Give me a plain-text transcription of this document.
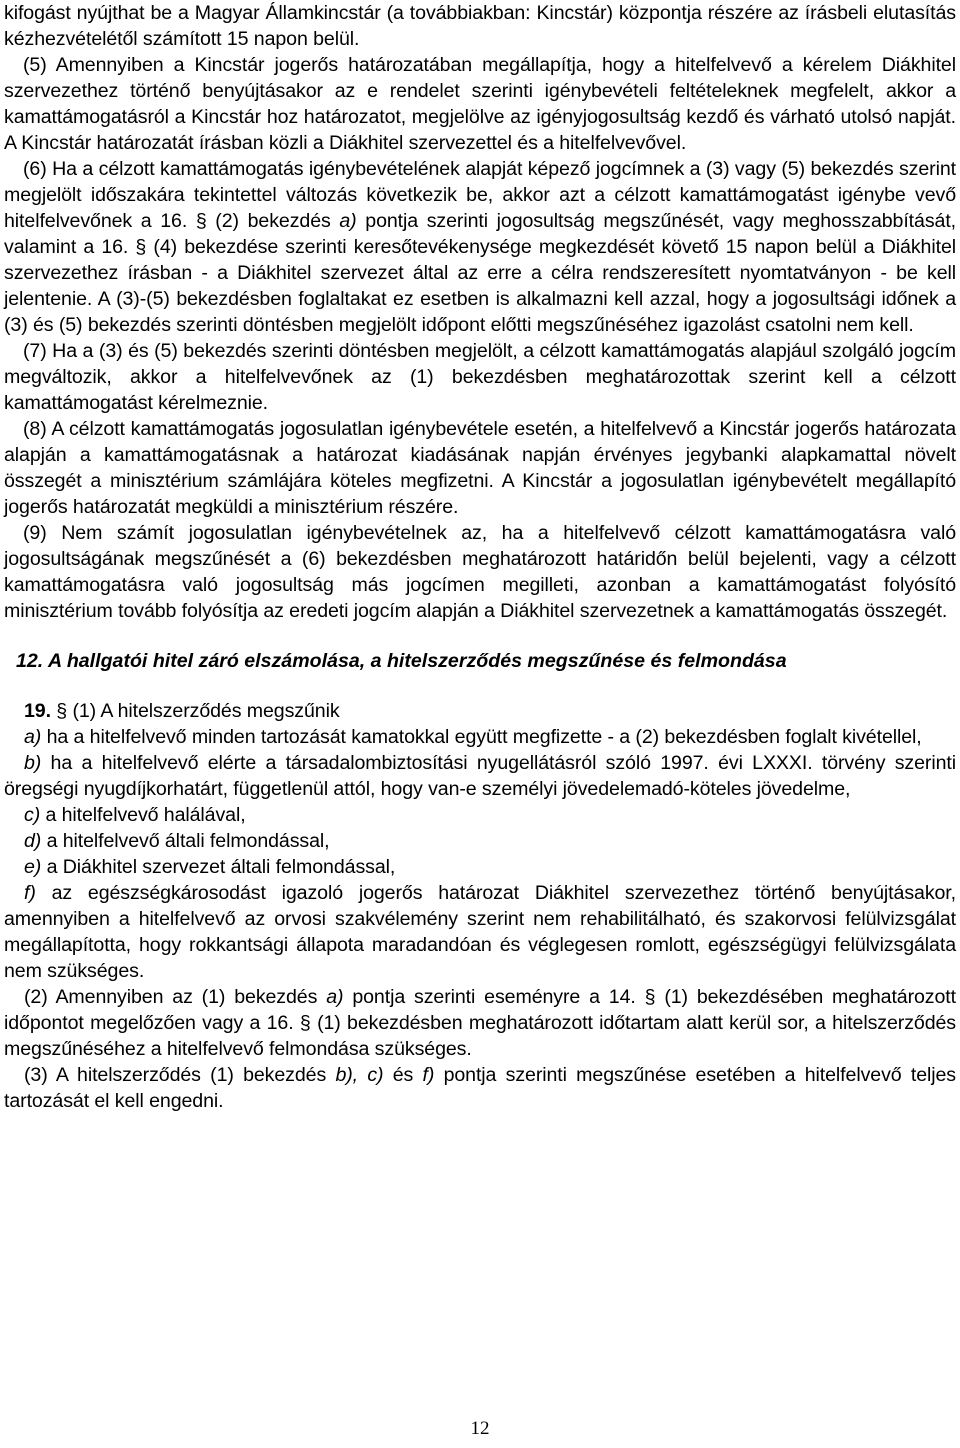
kifogást nyújthat be a Magyar Államkincstár (a továbbiakban: Kincstár) központja részére az írásbeli elutasítás kézhezvételétől számított 15 napon belül.

(5) Amennyiben a Kincstár jogerős határozatában megállapítja, hogy a hitelfelvevő a kérelem Diákhitel szervezethez történő benyújtásakor az e rendelet szerinti igénybevételi feltételeknek megfelelt, akkor a kamattámogatásról a Kincstár hoz határozatot, megjelölve az igényjogosultság kezdő és várható utolsó napját. A Kincstár határozatát írásban közli a Diákhitel szervezettel és a hitelfelvevővel.

(6) Ha a célzott kamattámogatás igénybevételének alapját képező jogcímnek a (3) vagy (5) bekezdés szerint megjelölt időszakára tekintettel változás következik be, akkor azt a célzott kamattámogatást igénybe vevő hitelfelvevőnek a 16. § (2) bekezdés a) pontja szerinti jogosultság megszűnését, vagy meghosszabbítását, valamint a 16. § (4) bekezdése szerinti keresőtevékenysége megkezdését követő 15 napon belül a Diákhitel szervezethez írásban - a Diákhitel szervezet által az erre a célra rendszeresített nyomtatványon - be kell jelentenie. A (3)-(5) bekezdésben foglaltakat ez esetben is alkalmazni kell azzal, hogy a jogosultsági időnek a (3) és (5) bekezdés szerinti döntésben megjelölt időpont előtti megszűnéséhez igazolást csatolni nem kell.

(7) Ha a (3) és (5) bekezdés szerinti döntésben megjelölt, a célzott kamattámogatás alapjául szolgáló jogcím megváltozik, akkor a hitelfelvevőnek az (1) bekezdésben meghatározottak szerint kell a célzott kamattámogatást kérelmeznie.

(8) A célzott kamattámogatás jogosulatlan igénybevétele esetén, a hitelfelvevő a Kincstár jogerős határozata alapján a kamattámogatásnak a határozat kiadásának napján érvényes jegybanki alapkamattal növelt összegét a minisztérium számlájára köteles megfizetni. A Kincstár a jogosulatlan igénybevételt megállapító jogerős határozatát megküldi a minisztérium részére.

(9) Nem számít jogosulatlan igénybevételnek az, ha a hitelfelvevő célzott kamattámogatásra való jogosultságának megszűnését a (6) bekezdésben meghatározott határidőn belül bejelenti, vagy a célzott kamattámogatásra való jogosultság más jogcímen megilleti, azonban a kamattámogatást folyósító minisztérium tovább folyósítja az eredeti jogcím alapján a Diákhitel szervezetnek a kamattámogatás összegét.

12. A hallgatói hitel záró elszámolása, a hitelszerződés megszűnése és felmondása

19. § (1) A hitelszerződés megszűnik

a) ha a hitelfelvevő minden tartozását kamatokkal együtt megfizette - a (2) bekezdésben foglalt kivétellel,

b) ha a hitelfelvevő elérte a társadalombiztosítási nyugellátásról szóló 1997. évi LXXXI. törvény szerinti öregségi nyugdíjkorhatárt, függetlenül attól, hogy van-e személyi jövedelemadó-köteles jövedelme,

c) a hitelfelvevő halálával,

d) a hitelfelvevő általi felmondással,

e) a Diákhitel szervezet általi felmondással,

f) az egészségkárosodást igazoló jogerős határozat Diákhitel szervezethez történő benyújtásakor, amennyiben a hitelfelvevő az orvosi szakvélemény szerint nem rehabilitálható, és szakorvosi felülvizsgálat megállapította, hogy rokkantsági állapota maradandóan és véglegesen romlott, egészségügyi felülvizsgálata nem szükséges.

(2) Amennyiben az (1) bekezdés a) pontja szerinti eseményre a 14. § (1) bekezdésében meghatározott időpontot megelőzően vagy a 16. § (1) bekezdésben meghatározott időtartam alatt kerül sor, a hitelszerződés megszűnéséhez a hitelfelvevő felmondása szükséges.

(3) A hitelszerződés (1) bekezdés b), c) és f) pontja szerinti megszűnése esetében a hitelfelvevő teljes tartozását el kell engedni.

12
